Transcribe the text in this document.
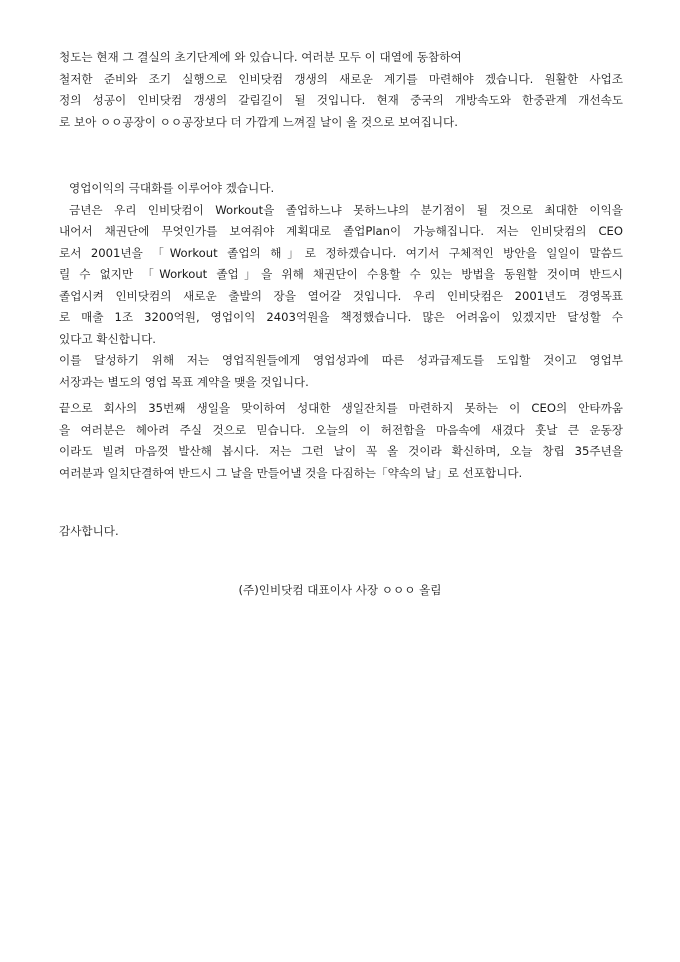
청도는 현재 그 결실의 초기단계에 와 있습니다. 여러분 모두 이 대열에 동참하여
철저한 준비와 조기 실행으로 인비닷컴 갱생의 새로운 계기를 마련해야 겠습니다. 원활한 사업조
정의 성공이 인비닷컴 갱생의 갈림길이 될 것입니다. 현재 중국의 개방속도와 한중관계 개선속도
로 보아 ㅇㅇ공장이 ㅇㅇ공장보다 더 가깝게 느껴질 날이 올 것으로 보여집니다.
영업이익의 극대화를 이루어야 겠습니다.
금년은 우리 인비닷컴이 Workout을 졸업하느냐 못하느냐의 분기점이 될 것으로 최대한 이익을
내어서 채권단에 무엇인가를 보여줘야 계획대로 졸업Plan이 가능해집니다. 저는 인비닷컴의 CEO
로서 2001년을 「Workout 졸업의 해」로 정하겠습니다. 여기서 구체적인 방안을 일일이 말씀드
릴 수 없지만 「Workout 졸업」을 위해 채권단이 수용할 수 있는 방법을 동원할 것이며 반드시
졸업시켜 인비닷컴의 새로운 출발의 장을 열어갈 것입니다. 우리 인비닷컴은 2001년도 경영목표
로 매출 1조 3200억원, 영업이익 2403억원을 책정했습니다. 많은 어려움이 있겠지만 달성할 수
있다고 확신합니다.
이를 달성하기 위해 저는 영업직원들에게 영업성과에 따른 성과급제도를 도입할 것이고 영업부
서장과는 별도의 영업 목표 계약을 맺을 것입니다.
끝으로 회사의 35번째 생일을 맞이하여 성대한 생일잔치를 마련하지 못하는 이 CEO의 안타까움
을 여러분은 헤아려 주실 것으로 믿습니다. 오늘의 이 허전함을 마음속에 새겼다 훗날 큰 운동장
이라도 빌려 마음껏 발산해 봅시다. 저는 그런 날이 꼭 올 것이라 확신하며, 오늘 창립 35주년을
여러분과 일치단결하여 반드시 그 날을 만들어낼 것을 다짐하는「약속의 날」로 선포합니다.
감사합니다.
(주)인비닷컴 대표이사 사장 ㅇㅇㅇ 올림
